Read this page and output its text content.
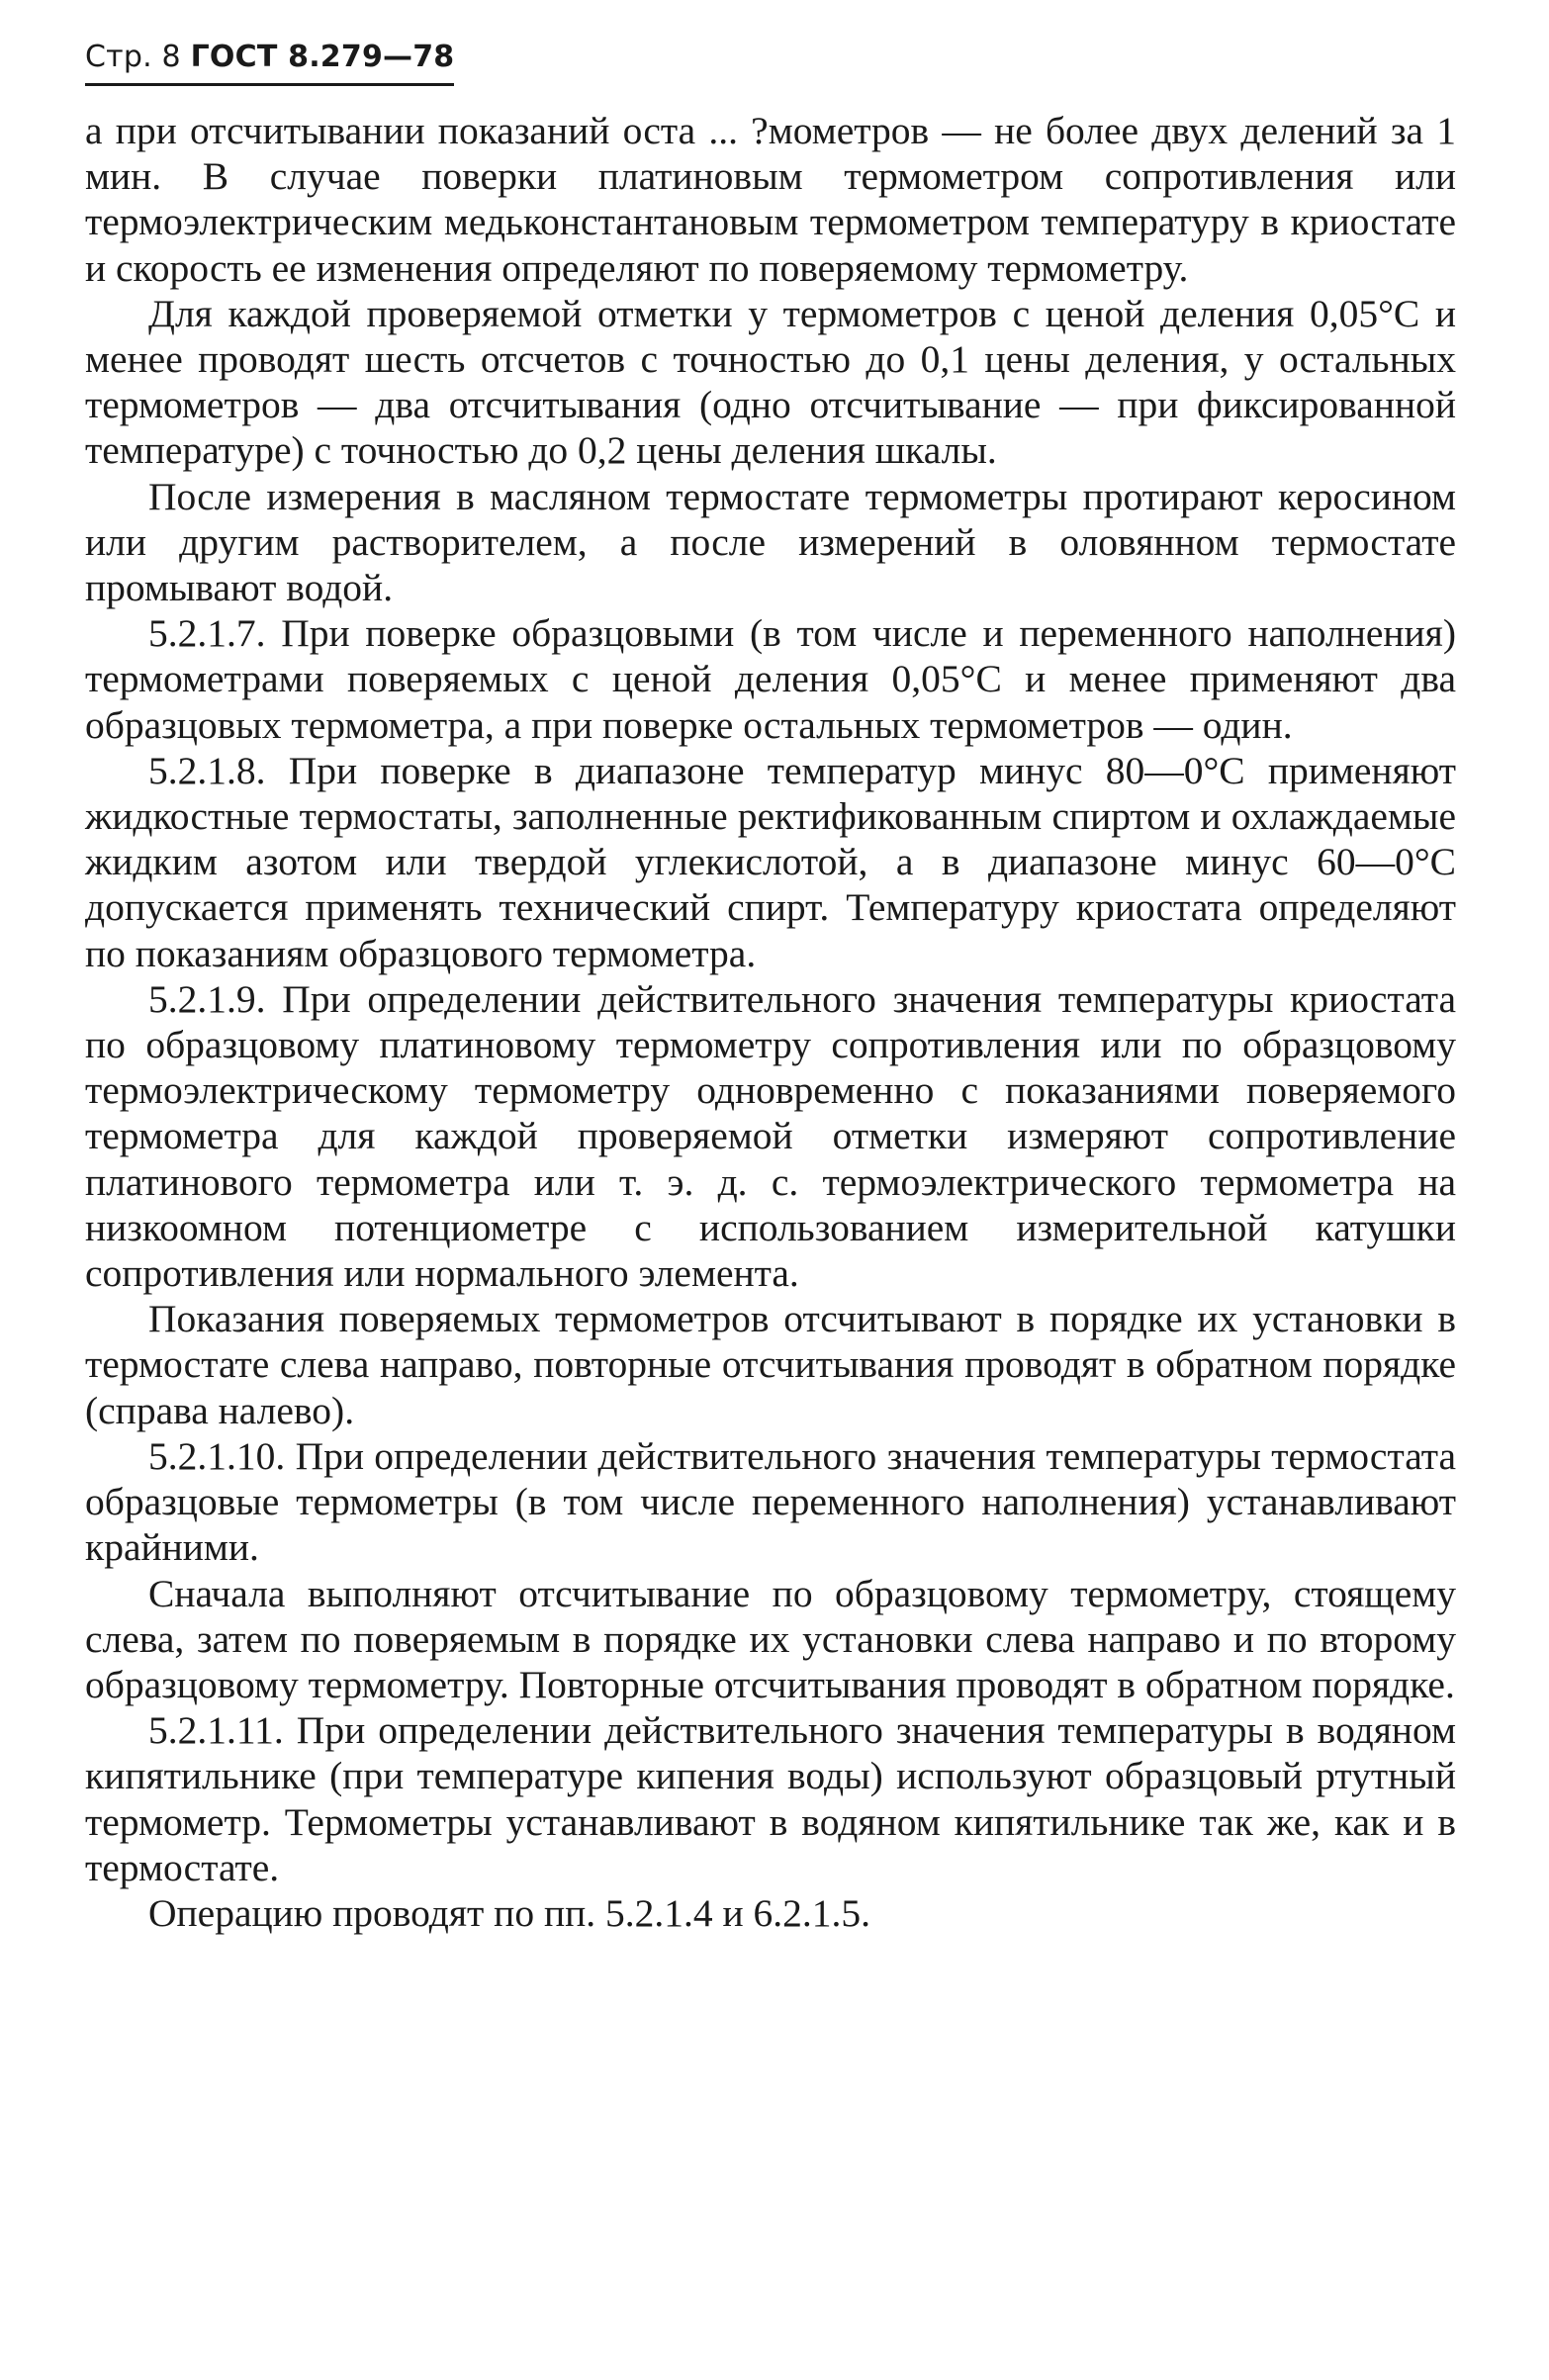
Стр. 8 ГОСТ 8.279—78

а при отсчитывании показаний оста ... ?мометров — не более двух делений за 1 мин. В случае поверки платиновым термометром сопротивления или термоэлектрическим медьконстантановым термометром температуру в криостате и скорость ее изменения определяют по поверяемому термометру.

Для каждой проверяемой отметки у термометров с ценой деления 0,05°С и менее проводят шесть отсчетов с точностью до 0,1 цены деления, у остальных термометров — два отсчитывания (одно отсчитывание — при фиксированной температуре) с точностью до 0,2 цены деления шкалы.

После измерения в масляном термостате термометры протирают керосином или другим растворителем, а после измерений в оловянном термостате промывают водой.

5.2.1.7. При поверке образцовыми (в том числе и переменного наполнения) термометрами поверяемых с ценой деления 0,05°С и менее применяют два образцовых термометра, а при поверке остальных термометров — один.

5.2.1.8. При поверке в диапазоне температур минус 80—0°С применяют жидкостные термостаты, заполненные ректификованным спиртом и охлаждаемые жидким азотом или твердой углекислотой, а в диапазоне минус 60—0°С допускается применять технический спирт. Температуру криостата определяют по показаниям образцового термометра.

5.2.1.9. При определении действительного значения температуры криостата по образцовому платиновому термометру сопротивления или по образцовому термоэлектрическому термометру одновременно с показаниями поверяемого термометра для каждой проверяемой отметки измеряют сопротивление платинового термометра или т. э. д. с. термоэлектрического термометра на низкоомном потенциометре с использованием измерительной катушки сопротивления или нормального элемента.

Показания поверяемых термометров отсчитывают в порядке их установки в термостате слева направо, повторные отсчитывания проводят в обратном порядке (справа налево).

5.2.1.10. При определении действительного значения температуры термостата образцовые термометры (в том числе переменного наполнения) устанавливают крайними.

Сначала выполняют отсчитывание по образцовому термометру, стоящему слева, затем по поверяемым в порядке их установки слева направо и по второму образцовому термометру. Повторные отсчитывания проводят в обратном порядке.

5.2.1.11. При определении действительного значения температуры в водяном кипятильнике (при температуре кипения воды) используют образцовый ртутный термометр. Термометры устанавливают в водяном кипятильнике так же, как и в термостате.

Операцию проводят по пп. 5.2.1.4 и 6.2.1.5.
